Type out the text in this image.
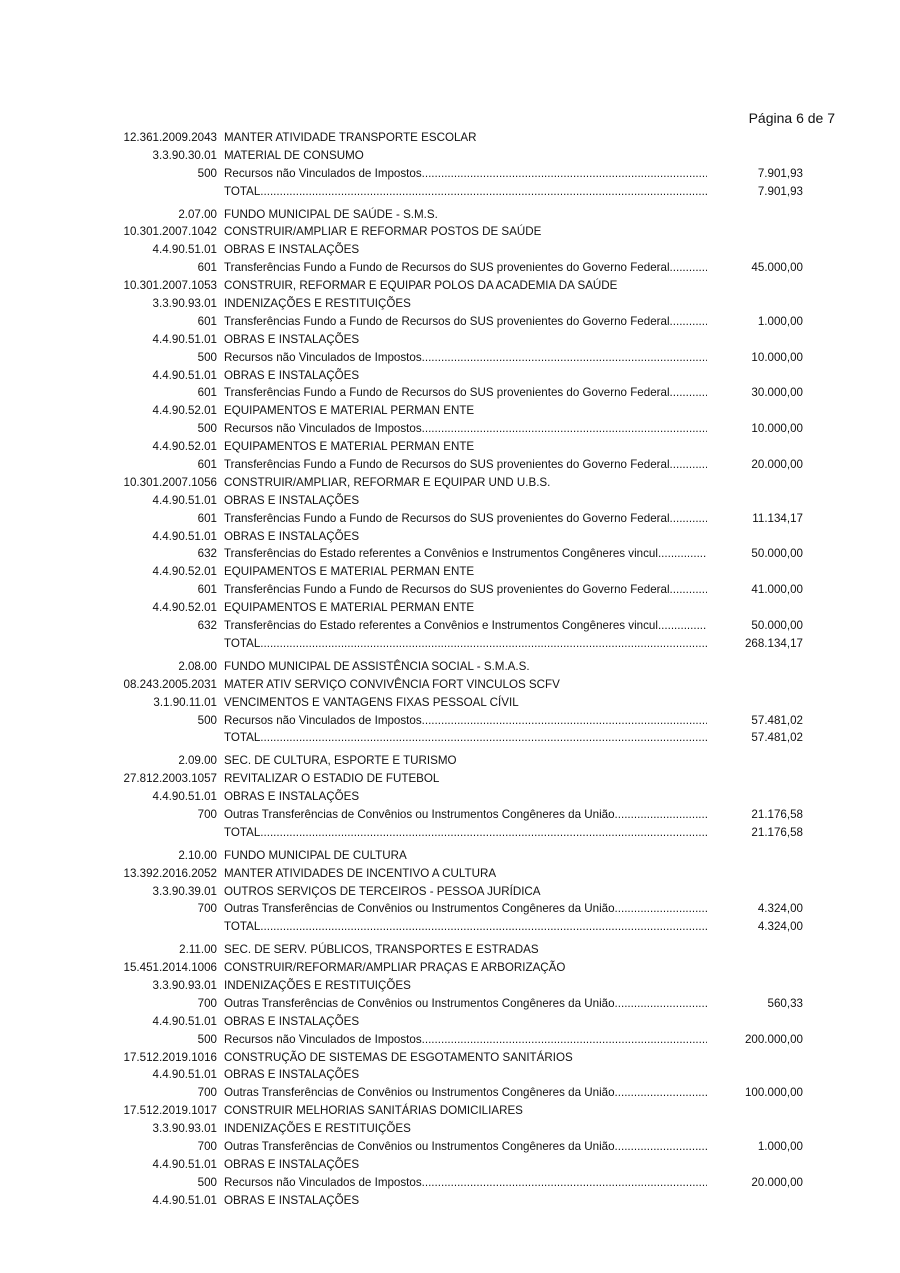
Página 6 de 7
12.361.2009.2043 MANTER ATIVIDADE TRANSPORTE ESCOLAR
3.3.90.30.01 MATERIAL DE CONSUMO
500 Recursos não Vinculados de Impostos .....	7.901,93
TOTAL .....	7.901,93
2.07.00 FUNDO MUNICIPAL DE SAÚDE - S.M.S.
10.301.2007.1042 CONSTRUIR/AMPLIAR E REFORMAR POSTOS DE SAÚDE
4.4.90.51.01 OBRAS E INSTALAÇÕES
601 Transferências Fundo a Fundo de Recursos do SUS provenientes do Governo Federal .....	45.000,00
10.301.2007.1053 CONSTRUIR, REFORMAR E EQUIPAR POLOS DA ACADEMIA DA SAÚDE
3.3.90.93.01 INDENIZAÇÕES E RESTITUIÇÕES
601 Transferências Fundo a Fundo de Recursos do SUS provenientes do Governo Federal .....	1.000,00
4.4.90.51.01 OBRAS E INSTALAÇÕES
500 Recursos não Vinculados de Impostos .....	10.000,00
4.4.90.51.01 OBRAS E INSTALAÇÕES
601 Transferências Fundo a Fundo de Recursos do SUS provenientes do Governo Federal .....	30.000,00
4.4.90.52.01 EQUIPAMENTOS E MATERIAL PERMAN ENTE
500 Recursos não Vinculados de Impostos .....	10.000,00
4.4.90.52.01 EQUIPAMENTOS E MATERIAL PERMAN ENTE
601 Transferências Fundo a Fundo de Recursos do SUS provenientes do Governo Federal .....	20.000,00
10.301.2007.1056 CONSTRUIR/AMPLIAR, REFORMAR E EQUIPAR UND U.B.S.
4.4.90.51.01 OBRAS E INSTALAÇÕES
601 Transferências Fundo a Fundo de Recursos do SUS provenientes do Governo Federal .....	11.134,17
4.4.90.51.01 OBRAS E INSTALAÇÕES
632 Transferências do Estado referentes a Convênios e Instrumentos Congêneres vincul .....	50.000,00
4.4.90.52.01 EQUIPAMENTOS E MATERIAL PERMAN ENTE
601 Transferências Fundo a Fundo de Recursos do SUS provenientes do Governo Federal .....	41.000,00
4.4.90.52.01 EQUIPAMENTOS E MATERIAL PERMAN ENTE
632 Transferências do Estado referentes a Convênios e Instrumentos Congêneres vincul .....	50.000,00
TOTAL .....	268.134,17
2.08.00 FUNDO MUNICIPAL DE ASSISTÊNCIA SOCIAL - S.M.A.S.
08.243.2005.2031 MATER ATIV SERVIÇO CONVIVÊNCIA FORT VINCULOS SCFV
3.1.90.11.01 VENCIMENTOS E VANTAGENS FIXAS PESSOAL CÍVIL
500 Recursos não Vinculados de Impostos .....	57.481,02
TOTAL .....	57.481,02
2.09.00 SEC. DE CULTURA, ESPORTE E TURISMO
27.812.2003.1057 REVITALIZAR O ESTADIO DE FUTEBOL
4.4.90.51.01 OBRAS E INSTALAÇÕES
700 Outras Transferências de Convênios ou Instrumentos Congêneres da União .....	21.176,58
TOTAL .....	21.176,58
2.10.00 FUNDO MUNICIPAL DE CULTURA
13.392.2016.2052 MANTER ATIVIDADES DE INCENTIVO A CULTURA
3.3.90.39.01 OUTROS SERVIÇOS DE TERCEIROS - PESSOA JURÍDICA
700 Outras Transferências de Convênios ou Instrumentos Congêneres da União .....	4.324,00
TOTAL .....	4.324,00
2.11.00 SEC. DE SERV. PÚBLICOS, TRANSPORTES E ESTRADAS
15.451.2014.1006 CONSTRUIR/REFORMAR/AMPLIAR PRAÇAS E ARBORIZAÇÃO
3.3.90.93.01 INDENIZAÇÕES E RESTITUIÇÕES
700 Outras Transferências de Convênios ou Instrumentos Congêneres da União .....	560,33
4.4.90.51.01 OBRAS E INSTALAÇÕES
500 Recursos não Vinculados de Impostos .....	200.000,00
17.512.2019.1016 CONSTRUÇÃO DE SISTEMAS DE ESGOTAMENTO SANITÁRIOS
4.4.90.51.01 OBRAS E INSTALAÇÕES
700 Outras Transferências de Convênios ou Instrumentos Congêneres da União .....	100.000,00
17.512.2019.1017 CONSTRUIR MELHORIAS SANITÁRIAS DOMICILIARES
3.3.90.93.01 INDENIZAÇÕES E RESTITUIÇÕES
700 Outras Transferências de Convênios ou Instrumentos Congêneres da União .....	1.000,00
4.4.90.51.01 OBRAS E INSTALAÇÕES
500 Recursos não Vinculados de Impostos .....	20.000,00
4.4.90.51.01 OBRAS E INSTALAÇÕES
